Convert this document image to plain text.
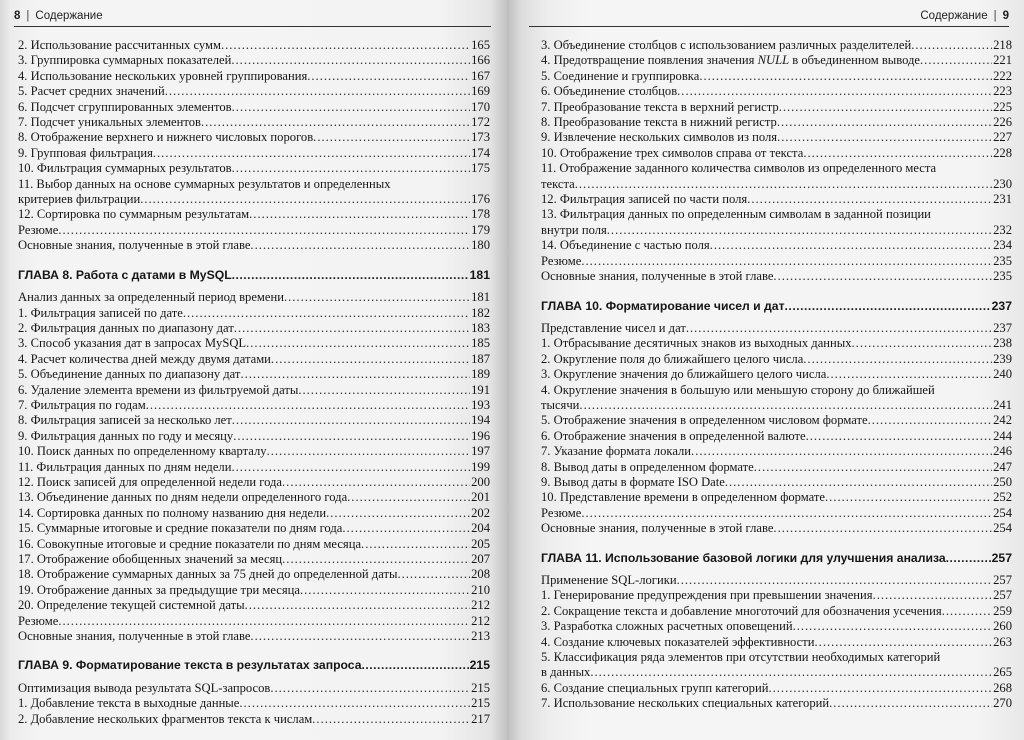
8 | Содержание
2. Использование рассчитанных сумм .....	165
3. Группировка суммарных показателей .....	166
4. Использование нескольких уровней группирования .....	167
5. Расчет средних значений .....	169
6. Подсчет сгруппированных элементов .....	170
7. Подсчет уникальных элементов .....	172
8. Отображение верхнего и нижнего числовых порогов .....	173
9. Групповая фильтрация .....	174
10. Фильтрация суммарных результатов .....	175
11. Выбор данных на основе суммарных результатов и определенных
критериев фильтрации .....	176
12. Сортировка по суммарным результатам .....	178
Резюме .....	179
Основные знания, полученные в этой главе .....	180
ГЛАВА 8. Работа с датами в MySQL .....	181
Анализ данных за определенный период времени .....	181
1. Фильтрация записей по дате .....	182
2. Фильтрация данных по диапазону дат .....	183
3. Способ указания дат в запросах MySQL .....	185
4. Расчет количества дней между двумя датами .....	187
5. Объединение данных по диапазону дат .....	189
6. Удаление элемента времени из фильтруемой даты .....	191
7. Фильтрация по годам .....	193
8. Фильтрация записей за несколько лет .....	194
9. Фильтрация данных по году и месяцу .....	196
10. Поиск данных по определенному кварталу .....	197
11. Фильтрация данных по дням недели .....	199
12. Поиск записей для определенной недели года .....	200
13. Объединение данных по дням недели определенного года .....	201
14. Сортировка данных по полному названию дня недели .....	202
15. Суммарные итоговые и средние показатели по дням года .....	204
16. Совокупные итоговые и средние показатели по дням месяца .....	205
17. Отображение обобщенных значений за месяц .....	207
18. Отображение суммарных данных за 75 дней до определенной даты .....	208
19. Отображение данных за предыдущие три месяца .....	210
20. Определение текущей системной даты .....	212
Резюме .....	212
Основные знания, полученные в этой главе .....	213
ГЛАВА 9. Форматирование текста в результатах запроса .....	215
Оптимизация вывода результата SQL-запросов .....	215
1. Добавление текста в выходные данные .....	215
2. Добавление нескольких фрагментов текста к числам .....	217
Содержание | 9
3. Объединение столбцов с использованием различных разделителей .....	218
4. Предотвращение появления значения NULL в объединенном выводе .....	221
5. Соединение и группировка .....	222
6. Объединение столбцов .....	223
7. Преобразование текста в верхний регистр .....	225
8. Преобразование текста в нижний регистр .....	226
9. Извлечение нескольких символов из поля .....	227
10. Отображение трех символов справа от текста .....	228
11. Отображение заданного количества символов из определенного места
текста .....	230
12. Фильтрация записей по части поля .....	231
13. Фильтрация данных по определенным символам в заданной позиции
внутри поля .....	232
14. Объединение с частью поля .....	234
Резюме .....	235
Основные знания, полученные в этой главе .....	235
ГЛАВА 10. Форматирование чисел и дат .....	237
Представление чисел и дат .....	237
1. Отбрасывание десятичных знаков из выходных данных .....	238
2. Округление поля до ближайшего целого числа .....	239
3. Округление значения до ближайшего целого числа .....	240
4. Округление значения в большую или меньшую сторону до ближайшей
тысячи .....	241
5. Отображение значения в определенном числовом формате .....	242
6. Отображение значения в определенной валюте .....	244
7. Указание формата локали .....	246
8. Вывод даты в определенном формате .....	247
9. Вывод даты в формате ISO Date .....	250
10. Представление времени в определенном формате .....	252
Резюме .....	254
Основные знания, полученные в этой главе .....	254
ГЛАВА 11. Использование базовой логики для улучшения анализа .....	257
Применение SQL-логики .....	257
1. Генерирование предупреждения при превышении значения .....	257
2. Сокращение текста и добавление многоточий для обозначения усечения .....	259
3. Разработка сложных расчетных оповещений .....	260
4. Создание ключевых показателей эффективности .....	263
5. Классификация ряда элементов при отсутствии необходимых категорий
в данных .....	265
6. Создание специальных групп категорий .....	268
7. Использование нескольких специальных категорий .....	270
